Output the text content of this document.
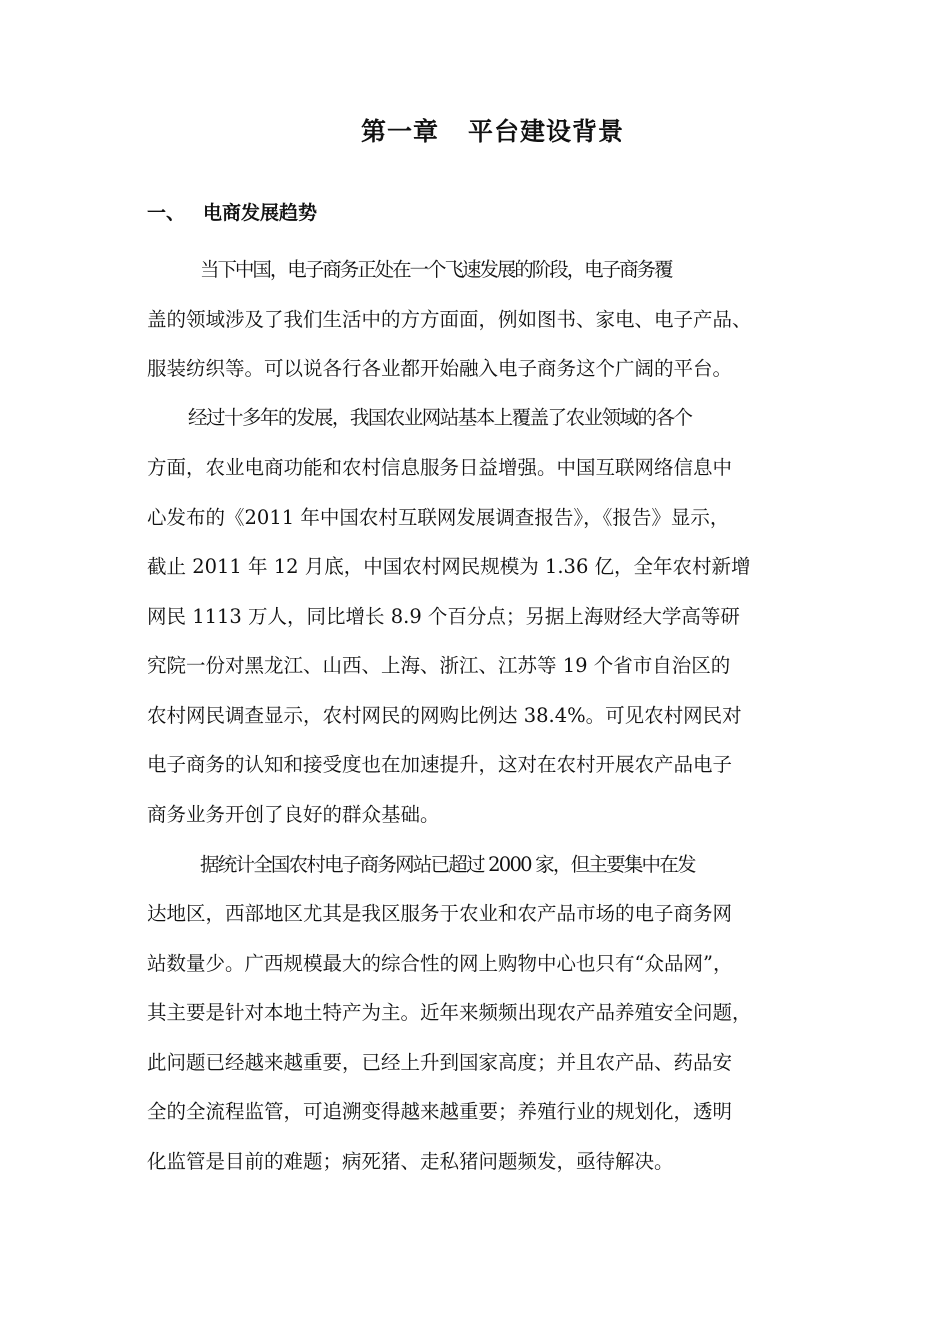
第一章   平台建设背景
一、 电商发展趋势
当下中国，电子商务正处在一个飞速发展的阶段，电子商务覆
盖的领域涉及了我们生活中的方方面面，例如图书、家电、电子产品、
服装纺织等。可以说各行各业都开始融入电子商务这个广阔的平台。
经过十多年的发展，我国农业网站基本上覆盖了农业领域的各个
方面，农业电商功能和农村信息服务日益增强。中国互联网络信息中
心发布的《2011 年中国农村互联网发展调查报告》，《报告》显示，
截止 2011 年 12 月底，中国农村网民规模为 1.36 亿，全年农村新增
网民 1113 万人，同比增长 8.9 个百分点；另据上海财经大学高等研
究院一份对黑龙江、山西、上海、浙江、江苏等 19 个省市自治区的
农村网民调查显示，农村网民的网购比例达 38.4%。可见农村网民对
电子商务的认知和接受度也在加速提升，这对在农村开展农产品电子
商务业务开创了良好的群众基础。
据统计全国农村电子商务网站已超过 2000 家，但主要集中在发
达地区，西部地区尤其是我区服务于农业和农产品市场的电子商务网
站数量少。广西规模最大的综合性的网上购物中心也只有“众品网”，
其主要是针对本地土特产为主。近年来频频出现农产品养殖安全问题，
此问题已经越来越重要，已经上升到国家高度；并且农产品、药品安
全的全流程监管，可追溯变得越来越重要；养殖行业的规划化，透明
化监管是目前的难题；病死猪、走私猪问题频发，亟待解决。
